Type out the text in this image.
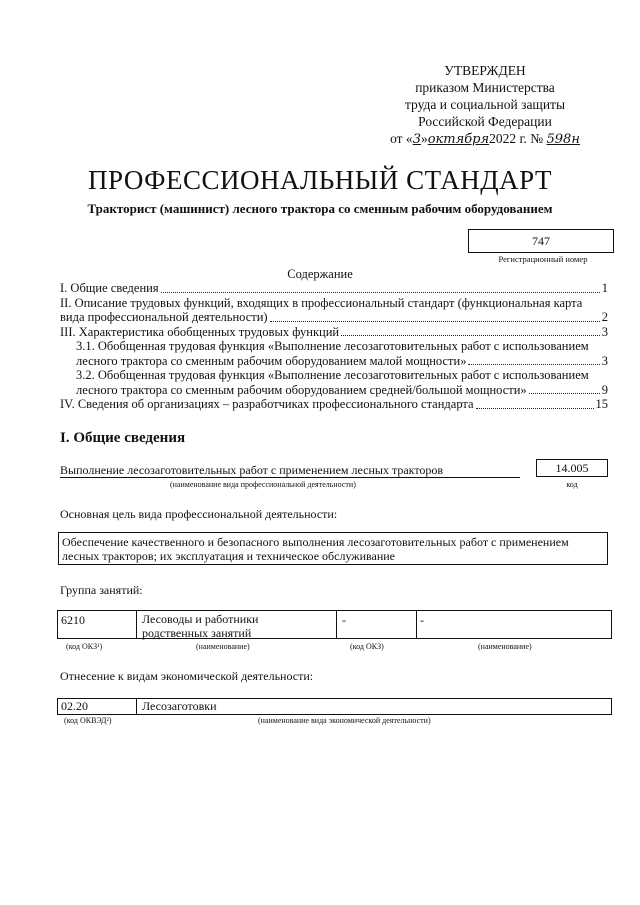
УТВЕРЖДЕН
приказом Министерства
труда и социальной защиты
Российской Федерации
от «3»октября2022 г. № 598н
ПРОФЕССИОНАЛЬНЫЙ СТАНДАРТ
Тракторист (машинист) лесного трактора со сменным рабочим оборудованием
747
Регистрационный номер
Содержание
I. Общие сведения	1
II. Описание трудовых функций, входящих в профессиональный стандарт (функциональная карта
вида профессиональной деятельности)	2
III. Характеристика обобщенных трудовых функций	3
3.1. Обобщенная трудовая функция «Выполнение лесозаготовительных работ с использованием
лесного трактора со сменным рабочим оборудованием малой мощности»	3
3.2. Обобщенная трудовая функция «Выполнение лесозаготовительных работ с использованием
лесного трактора со сменным рабочим оборудованием средней/большой мощности»	9
IV. Сведения об организациях – разработчиках профессионального стандарта	15
I. Общие сведения
Выполнение лесозаготовительных работ с применением лесных тракторов
(наименование вида профессиональной деятельности)
14.005
код
Основная цель вида профессиональной деятельности:
Обеспечение качественного и безопасного выполнения лесозаготовительных работ с применением
лесных тракторов; их эксплуатация и техническое обслуживание
Группа занятий:
6210	Лесоводы и работники
родственных занятий
-	-
(код ОКЗ¹)	(наименование)	(код ОКЗ)	(наименование)
Отнесение к видам экономической деятельности:
02.20	Лесозаготовки
(код ОКВЭД²)	(наименование вида экономической деятельности)
